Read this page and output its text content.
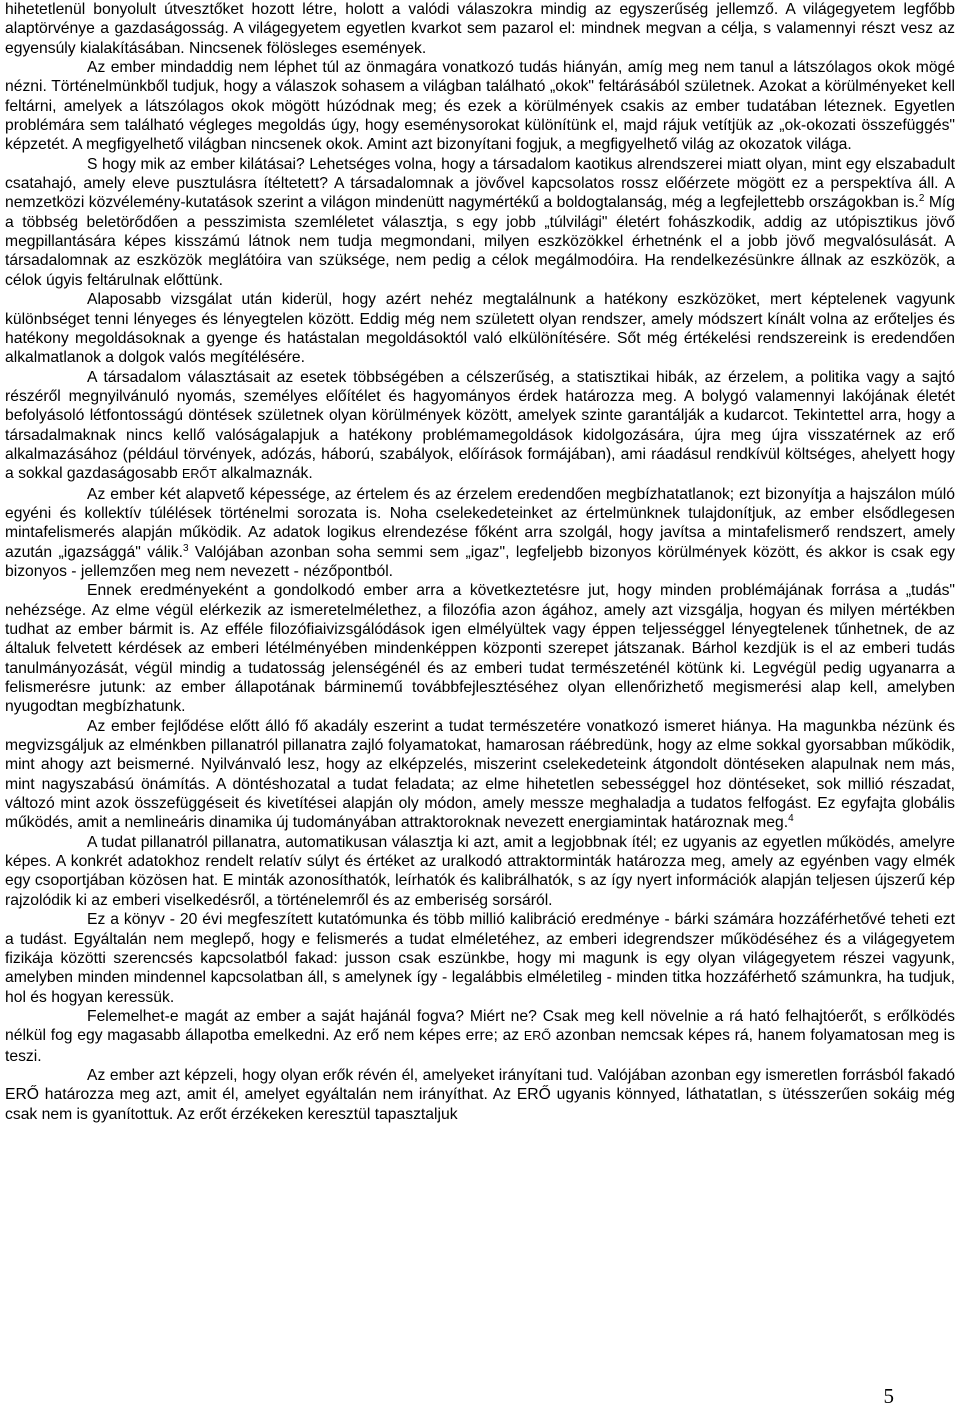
hihetetlenül bonyolult útvesztőket hozott létre, holott a valódi válaszokra mindig az egyszerűség jellemző. A világegyetem legfőbb alaptörvénye a gazdaságosság. A világegyetem egyetlen kvarkot sem pazarol el: mindnek megvan a célja, s valamennyi részt vesz az egyensúly kialakításában. Nincsenek fölösleges események.

Az ember mindaddig nem léphet túl az önmagára vonatkozó tudás hiányán, amíg meg nem tanul a látszólagos okok mögé nézni. Történelmünkből tudjuk, hogy a válaszok sohasem a világban található „okok" feltárásából születnek. Azokat a körülményeket kell feltárni, amelyek a látszólagos okok mögött húzódnak meg; és ezek a körülmények csakis az ember tudatában léteznek. Egyetlen problémára sem található végleges megoldás úgy, hogy eseménysorokat különítünk el, majd rájuk vetítjük az „ok-okozati összefüggés" képzetét. A megfigyelhető világban nincsenek okok. Amint azt bizonyítani fogjuk, a megfigyelhető világ az okozatok világa.

S hogy mik az ember kilátásai? Lehetséges volna, hogy a társadalom kaotikus alrendszerei miatt olyan, mint egy elszabadult csatahajó, amely eleve pusztulásra ítéltetett? A társadalomnak a jövővel kapcsolatos rossz előérzete mögött ez a perspektíva áll. A nemzetközi közvélemény-kutatások szerint a világon mindenütt nagymértékű a boldogtalanság, még a legfejlettebb országokban is.$^2$ Míg a többség beletörődően a pesszimista szemléletet választja, s egy jobb „túlvilági" életért fohászkodik, addig az utópisztikus jövő megpillantására képes kisszámú látnok nem tudja megmondani, milyen eszközökkel érhetnénk el a jobb jövő megvalósulását. A társadalomnak az eszközök meglátóira van szüksége, nem pedig a célok megálmodóira. Ha rendelkezésünkre állnak az eszközök, a célok úgyis feltárulnak előttünk.

Alaposabb vizsgálat után kiderül, hogy azért nehéz megtalálnunk a hatékony eszközöket, mert képtelenek vagyunk különbséget tenni lényeges és lényegtelen között. Eddig még nem született olyan rendszer, amely módszert kínált volna az erőteljes és hatékony megoldásoknak a gyenge és hatástalan megoldásoktól való elkülönítésére. Sőt még értékelési rendszereink is eredendően alkalmatlanok a dolgok valós megítélésére.

A társadalom választásait az esetek többségében a célszerűség, a statisztikai hibák, az érzelem, a politika vagy a sajtó részéről megnyilvánuló nyomás, személyes előítélet és hagyományos érdek határozza meg. A bolygó valamennyi lakójának életét befolyásoló létfontosságú döntések születnek olyan körülmények között, amelyek szinte garantálják a kudarcot. Tekintettel arra, hogy a társadalmaknak nincs kellő valóságalapjuk a hatékony problémamegoldások kidolgozására, újra meg újra visszatérnek az erő alkalmazásához (például törvények, adózás, háború, szabályok, előírások formájában), ami ráadásul rendkívül költséges, ahelyett hogy a sokkal gazdaságosabb ERŐT alkalmaznák.

Az ember két alapvető képessége, az értelem és az érzelem eredendően megbízhatatlanok; ezt bizonyítja a hajszálon múló egyéni és kollektív túlélések történelmi sorozata is. Noha cselekedeteinket az értelmünknek tulajdonítjuk, az ember elsődlegesen mintafelismerés alapján működik. Az adatok logikus elrendezése főként arra szolgál, hogy javítsa a mintafelismerő rendszert, amely azután „igazsággá" válik.$^3$ Valójában azonban soha semmi sem „igaz", legfeljebb bizonyos körülmények között, és akkor is csak egy bizonyos - jellemzően meg nem nevezett - nézőpontból.

Ennek eredményeként a gondolkodó ember arra a következtetésre jut, hogy minden problémájának forrása a „tudás" nehézsége. Az elme végül elérkezik az ismeretelmélethez, a filozófia azon ágához, amely azt vizsgálja, hogyan és milyen mértékben tudhat az ember bármit is. Az efféle filozófiaivizsgálódások igen elmélyültek vagy éppen teljességgel lényegtelenek tűnhetnek, de az általuk felvetett kérdések az emberi létélményében mindenképpen központi szerepet játszanak. Bárhol kezdjük is el az emberi tudás tanulmányozását, végül mindig a tudatosság jelenségénél és az emberi tudat természeténél kötünk ki. Legvégül pedig ugyanarra a felismerésre jutunk: az ember állapotának bárminemű továbbfejlesztéséhez olyan ellenőrizhető megismerési alap kell, amelyben nyugodtan megbízhatunk.

Az ember fejlődése előtt álló fő akadály eszerint a tudat természetére vonatkozó ismeret hiánya. Ha magunkba nézünk és megvizsgáljuk az elménkben pillanatról pillanatra zajló folyamatokat, hamarosan ráébredünk, hogy az elme sokkal gyorsabban működik, mint ahogy azt beismerné. Nyilvánvaló lesz, hogy az elképzelés, miszerint cselekedeteink átgondolt döntéseken alapulnak nem más, mint nagyszabású önámítás. A döntéshozatal a tudat feladata; az elme hihetetlen sebességgel hoz döntéseket, sok millió részadat, változó mint azok összefüggéseit és kivetítései alapján oly módon, amely messze meghaladja a tudatos felfogást. Ez egyfajta globális működés, amit a nemlineáris dinamika új tudományában attraktoroknak nevezett energiamintak határoznak meg.$^4$

A tudat pillanatról pillanatra, automatikusan választja ki azt, amit a legjobbnak ítél; ez ugyanis az egyetlen működés, amelyre képes. A konkrét adatokhoz rendelt relatív súlyt és értéket az uralkodó attraktorminták határozza meg, amely az egyénben vagy elmék egy csoportjában közösen hat. E minták azonosíthatók, leírhatók és kalibrálhatók, s az így nyert információk alapján teljesen újszerű kép rajzolódik ki az emberi viselkedésről, a történelemről és az emberiség sorsáról.

Ez a könyv - 20 évi megfeszített kutatómunka és több millió kalibráció eredménye - bárki számára hozzáférhetővé teheti ezt a tudást. Egyáltalán nem meglepő, hogy e felismerés a tudat elméletéhez, az emberi idegrendszer működéséhez és a világegyetem fizikája közötti szerencsés kapcsolatból fakad: jusson csak eszünkbe, hogy mi magunk is egy olyan világegyetem részei vagyunk, amelyben minden mindennel kapcsolatban áll, s amelynek így - legalábbis elméletileg - minden titka hozzáférhető számunkra, ha tudjuk, hol és hogyan keressük.

Felemelhet-e magát az ember a saját hajánál fogva? Miért ne? Csak meg kell növelnie a rá ható felhajtóerőt, s erőlködés nélkül fog egy magasabb állapotba emelkedni. Az erő nem képes erre; az ERŐ azonban nemcsak képes rá, hanem folyamatosan meg is teszi.

Az ember azt képzeli, hogy olyan erők révén él, amelyeket irányítani tud. Valójában azonban egy ismeretlen forrásból fakadó ERŐ határozza meg azt, amit él, amelyet egyáltalán nem irányíthat. Az ERŐ ugyanis könnyed, láthatatlan, s ütésszerűen sokáig még csak nem is gyanítottuk. Az erőt érzékeken keresztül tapasztaljuk

5
